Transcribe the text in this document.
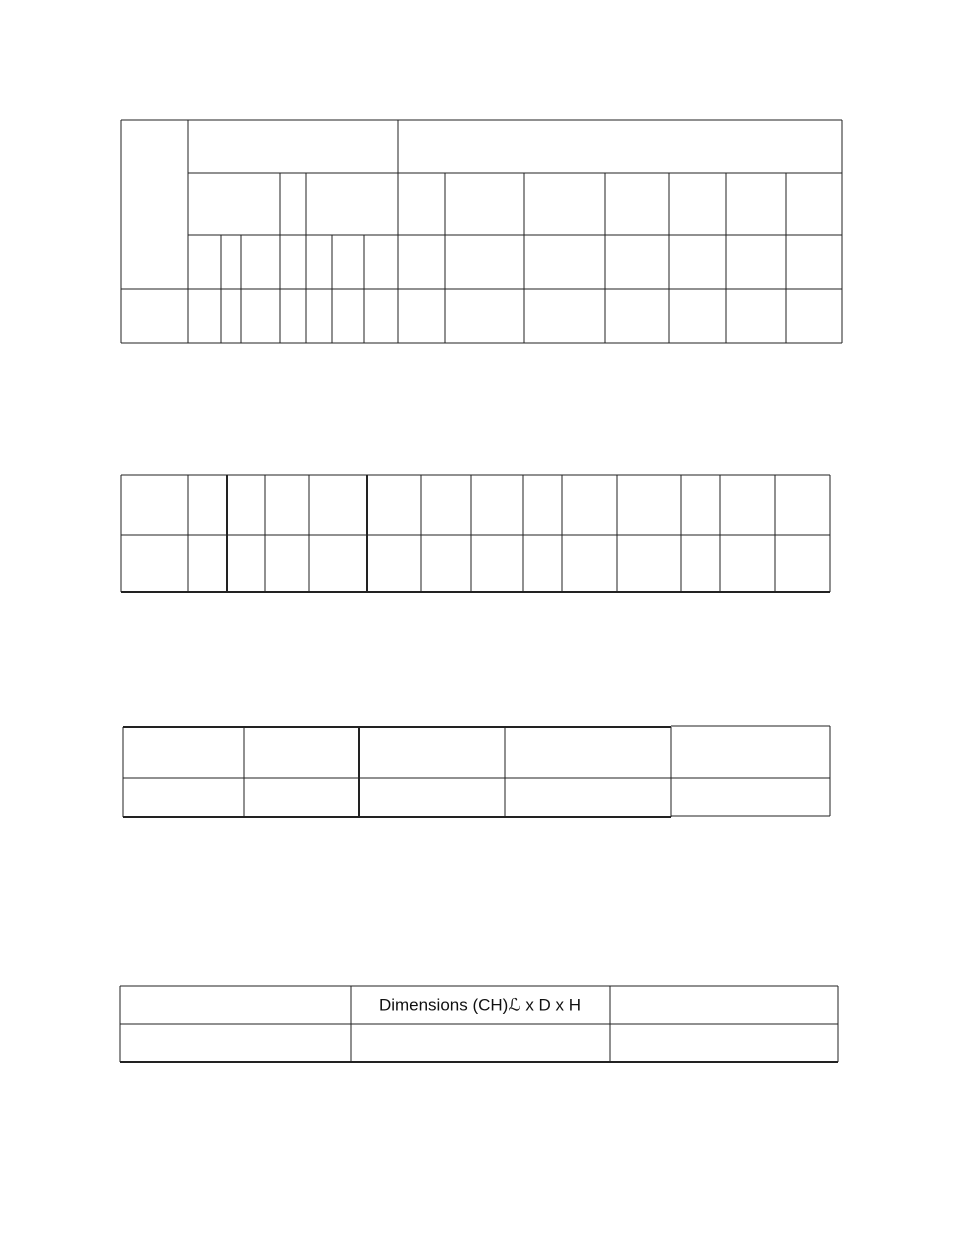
Dimensions (CH)ℒ x D x H
